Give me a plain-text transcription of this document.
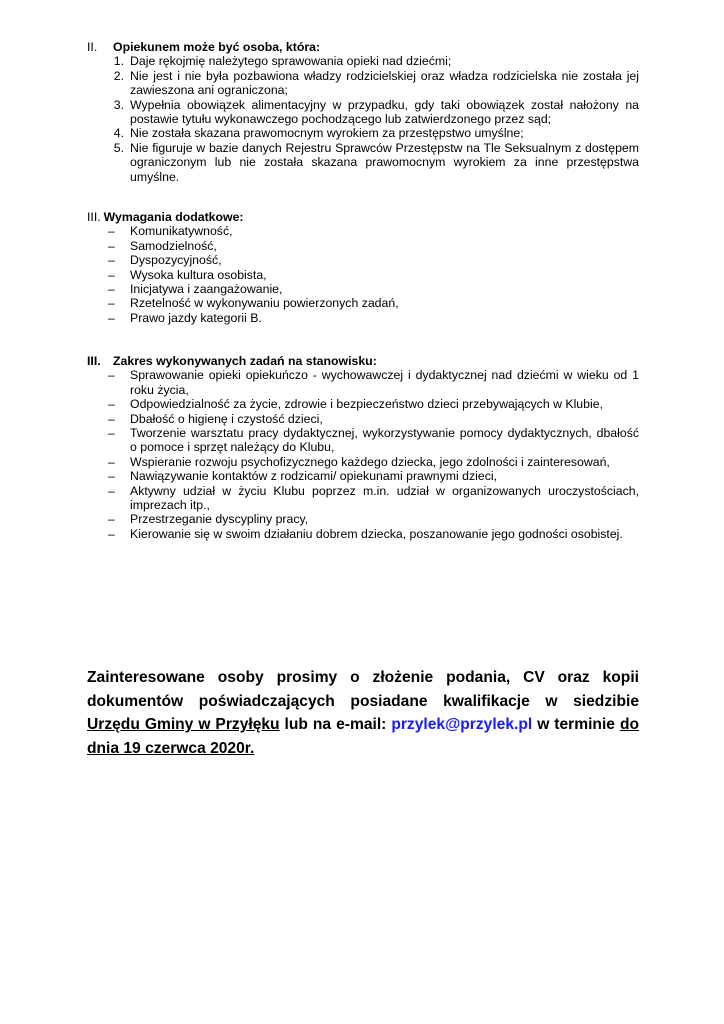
II. Opiekunem może być osoba, która:
1. Daje rękojmię należytego sprawowania opieki nad dziećmi;
2. Nie jest i nie była pozbawiona władzy rodzicielskiej oraz władza rodzicielska nie została jej zawieszona ani ograniczona;
3. Wypełnia obowiązek alimentacyjny w przypadku, gdy taki obowiązek został nałożony na postawie tytułu wykonawczego pochodzącego lub zatwierdzonego przez sąd;
4. Nie została skazana prawomocnym wyrokiem za przestępstwo umyślne;
5. Nie figuruje w bazie danych Rejestru Sprawców Przestępstw na Tle Seksualnym z dostępem ograniczonym lub nie została skazana prawomocnym wyrokiem za inne przestępstwa umyślne.
III. Wymagania dodatkowe:
–	Komunikatywność,
–	Samodzielność,
–	Dyspozycyjność,
–	Wysoka kultura osobista,
–	Inicjatywa i zaangażowanie,
–	Rzetelność w wykonywaniu powierzonych zadań,
–	Prawo jazdy kategorii B.
III. Zakres wykonywanych zadań na stanowisku:
–	Sprawowanie opieki opiekuńczo - wychowawczej i dydaktycznej nad dziećmi w wieku od 1 roku życia,
–	Odpowiedzialność za życie, zdrowie i bezpieczeństwo dzieci przebywających w Klubie,
–	Dbałość o higienę i czystość dzieci,
–	Tworzenie warsztatu pracy dydaktycznej, wykorzystywanie pomocy dydaktycznych, dbałość o pomoce i sprzęt należący do Klubu,
–	Wspieranie rozwoju psychofizycznego każdego dziecka, jego zdolności i zainteresowań,
–	Nawiązywanie kontaktów z rodzicami/ opiekunami prawnymi dzieci,
–	Aktywny udział w życiu Klubu poprzez m.in. udział w organizowanych uroczystościach, imprezach itp.,
–	Przestrzeganie dyscypliny pracy,
–	Kierowanie się w swoim działaniu dobrem dziecka, poszanowanie jego godności osobistej.
Zainteresowane osoby prosimy o złożenie podania, CV oraz kopii dokumentów poświadczających posiadane kwalifikacje w siedzibie Urzędu Gminy w Przyłęku lub na e-mail: przylek@przylek.pl w terminie do dnia 19 czerwca 2020r.
